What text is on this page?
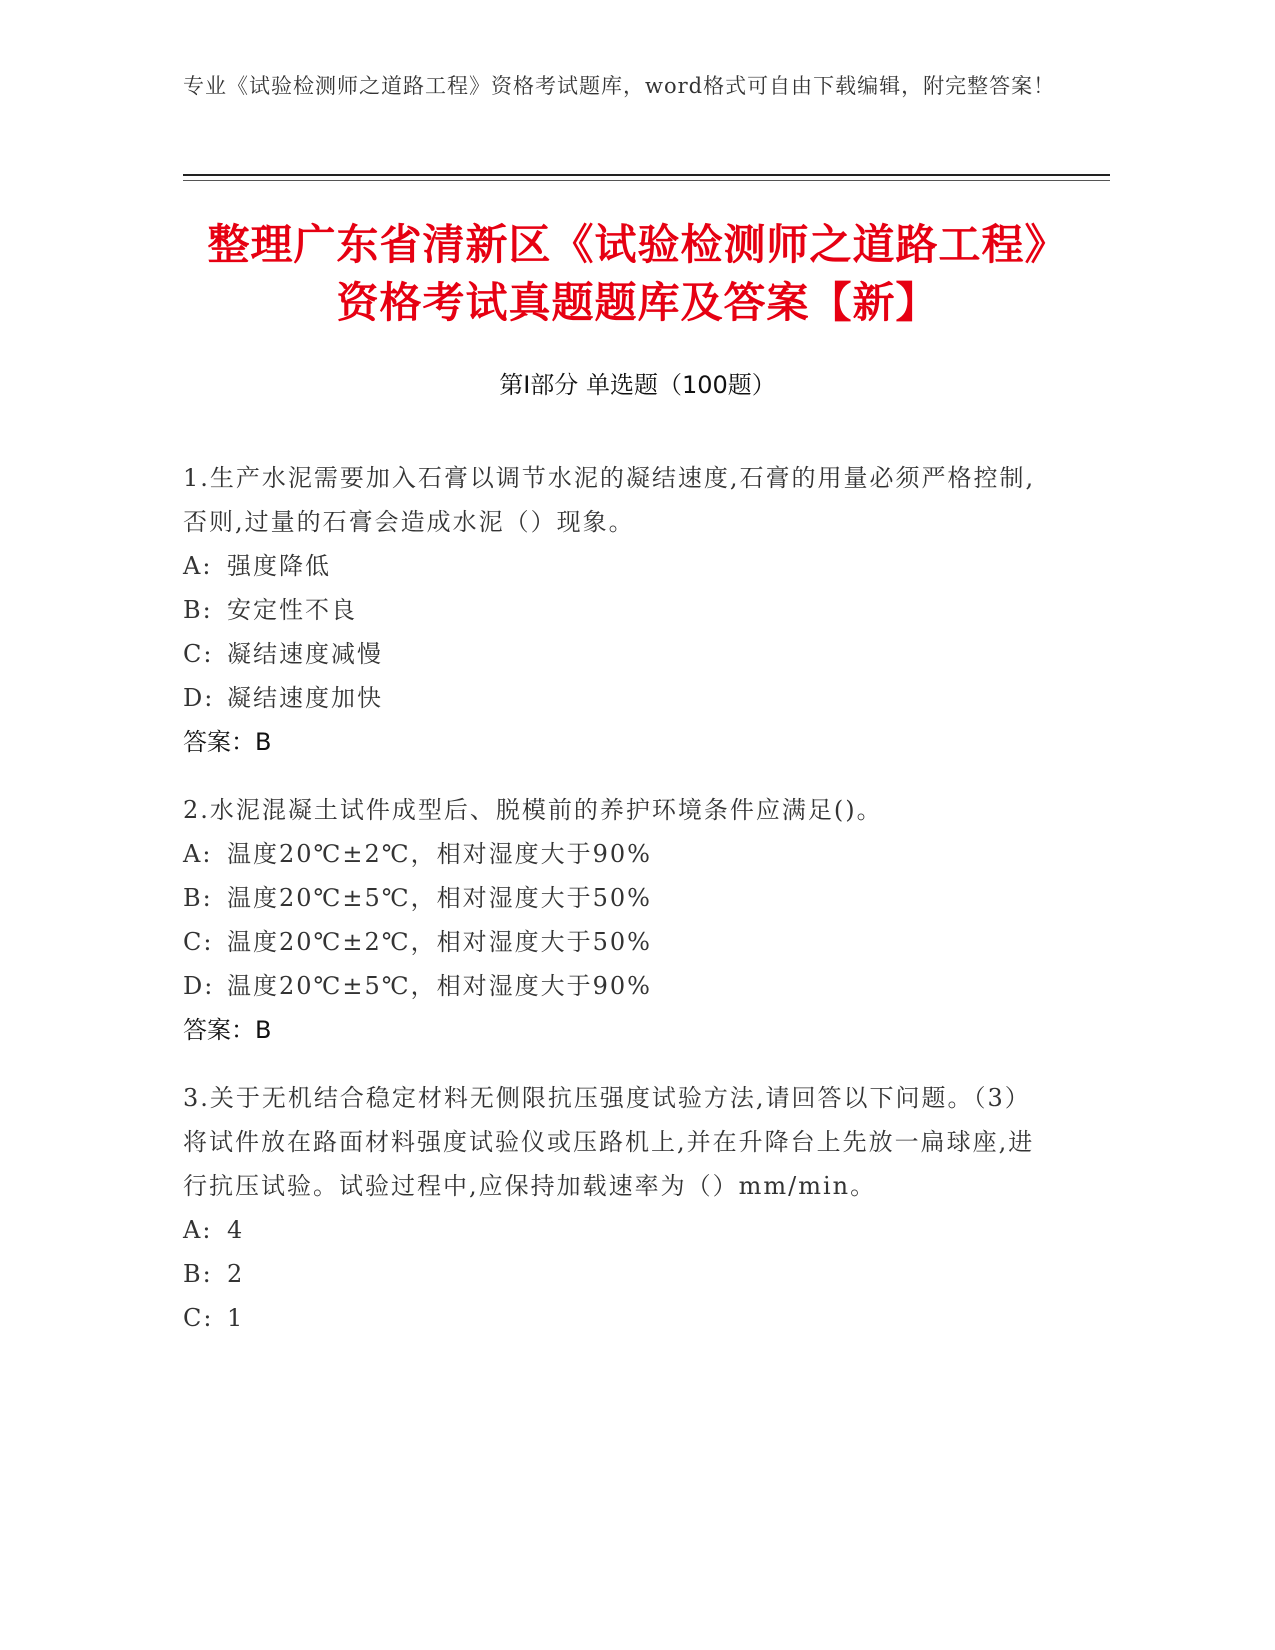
专业《试验检测师之道路工程》资格考试题库，word格式可自由下载编辑，附完整答案！
整理广东省清新区《试验检测师之道路工程》资格考试真题题库及答案【新】
第Ⅰ部分 单选题（100题）

1.生产水泥需要加入石膏以调节水泥的凝结速度,石膏的用量必须严格控制,否则,过量的石膏会造成水泥（）现象。

A: 强度降低
B: 安定性不良
C: 凝结速度减慢
D: 凝结速度加快
答案：B

2.水泥混凝土试件成型后、脱模前的养护环境条件应满足()。

A: 温度20℃±2℃，相对湿度大于90%
B: 温度20℃±5℃，相对湿度大于50%
C: 温度20℃±2℃，相对湿度大于50%
D: 温度20℃±5℃，相对湿度大于90%
答案：B

3.关于无机结合稳定材料无侧限抗压强度试验方法,请回答以下问题。（3）将试件放在路面材料强度试验仪或压路机上,并在升降台上先放一扁球座,进行抗压试验。试验过程中,应保持加载速率为（）mm/min。

A: 4
B: 2
C: 1
